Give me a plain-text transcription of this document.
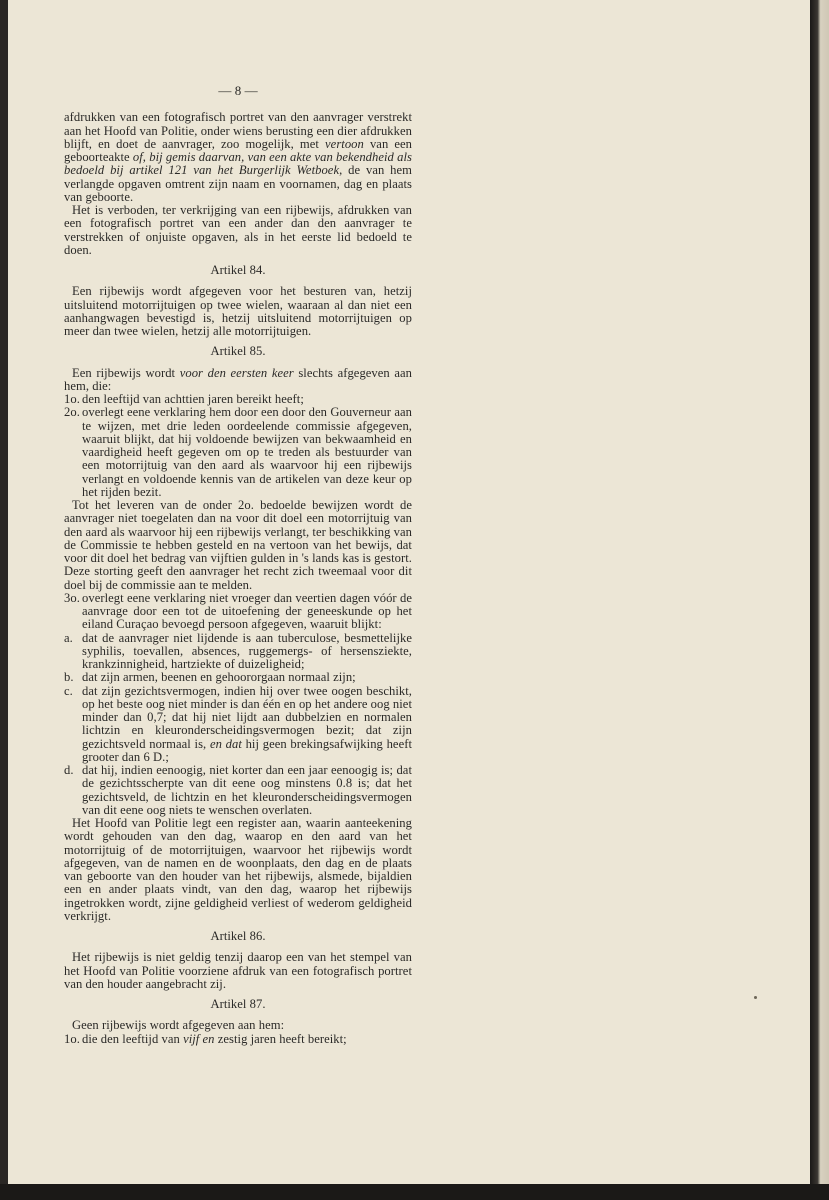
— 8 —

afdrukken van een fotografisch portret van den aanvrager verstrekt aan het Hoofd van Politie, onder wiens berusting een dier afdrukken blijft, en doet de aanvrager, zoo mogelijk, met vertoon van een geboorteakte of, bij gemis daarvan, van een akte van bekendheid als bedoeld bij artikel 121 van het Burgerlijk Wetboek, de van hem verlangde opgaven omtrent zijn naam en voornamen, dag en plaats van geboorte.

Het is verboden, ter verkrijging van een rijbewijs, afdrukken van een fotografisch portret van een ander dan den aanvrager te verstrekken of onjuiste opgaven, als in het eerste lid bedoeld te doen.

Artikel 84.

Een rijbewijs wordt afgegeven voor het besturen van, hetzij uitsluitend motorrijtuigen op twee wielen, waaraan al dan niet een aanhangwagen bevestigd is, hetzij uitsluitend motorrijtuigen op meer dan twee wielen, hetzij alle motorrijtuigen.

Artikel 85.

Een rijbewijs wordt voor den eersten keer slechts afgegeven aan hem, die:

1o. den leeftijd van achttien jaren bereikt heeft;
2o. overlegt eene verklaring hem door een door den Gouverneur aan te wijzen, met drie leden oordeelende commissie afgegeven, waaruit blijkt, dat hij voldoende bewijzen van bekwaamheid en vaardigheid heeft gegeven om op te treden als bestuurder van een motorrijtuig van den aard als waarvoor hij een rijbewijs verlangt en voldoende kennis van de artikelen van deze keur op het rijden bezit.

Tot het leveren van de onder 2o. bedoelde bewijzen wordt de aanvrager niet toegelaten dan na voor dit doel een motorrijtuig van den aard als waarvoor hij een rijbewijs verlangt, ter beschikking van de Commissie te hebben gesteld en na vertoon van het bewijs, dat voor dit doel het bedrag van vijftien gulden in 's lands kas is gestort. Deze storting geeft den aanvrager het recht zich tweemaal voor dit doel bij de commissie aan te melden.

3o. overlegt eene verklaring niet vroeger dan veertien dagen vóór de aanvrage door een tot de uitoefening der geneeskunde op het eiland Curaçao bevoegd persoon afgegeven, waaruit blijkt:
a. dat de aanvrager niet lijdende is aan tuberculose, besmettelijke syphilis, toevallen, absences, ruggemergs- of hersensziekte, krankzinnigheid, hartziekte of duizeligheid;
b. dat zijn armen, beenen en gehoororgaan normaal zijn;
c. dat zijn gezichtsvermogen, indien hij over twee oogen beschikt, op het beste oog niet minder is dan één en op het andere oog niet minder dan 0,7; dat hij niet lijdt aan dubbelzien en normalen lichtzin en kleuronderscheidingsvermogen bezit; dat zijn gezichtsveld normaal is, en dat hij geen brekingsafwijking heeft grooter dan 6 D.;
d. dat hij, indien eenoogig, niet korter dan een jaar eenoogig is; dat de gezichtsscherpte van dit eene oog minstens 0.8 is; dat het gezichtsveld, de lichtzin en het kleuronderscheidingsvermogen van dit eene oog niets te wenschen overlaten.

Het Hoofd van Politie legt een register aan, waarin aanteekening wordt gehouden van den dag, waarop en den aard van het motorrijtuig of de motorrijtuigen, waarvoor het rijbewijs wordt afgegeven, van de namen en de woonplaats, den dag en de plaats van geboorte van den houder van het rijbewijs, alsmede, bijaldien een en ander plaats vindt, van den dag, waarop het rijbewijs ingetrokken wordt, zijne geldigheid verliest of wederom geldigheid verkrijgt.

Artikel 86.

Het rijbewijs is niet geldig tenzij daarop een van het stempel van het Hoofd van Politie voorziene afdruk van een fotografisch portret van den houder aangebracht zij.

Artikel 87.

Geen rijbewijs wordt afgegeven aan hem:

1o. die den leeftijd van vijf en zestig jaren heeft bereikt;
